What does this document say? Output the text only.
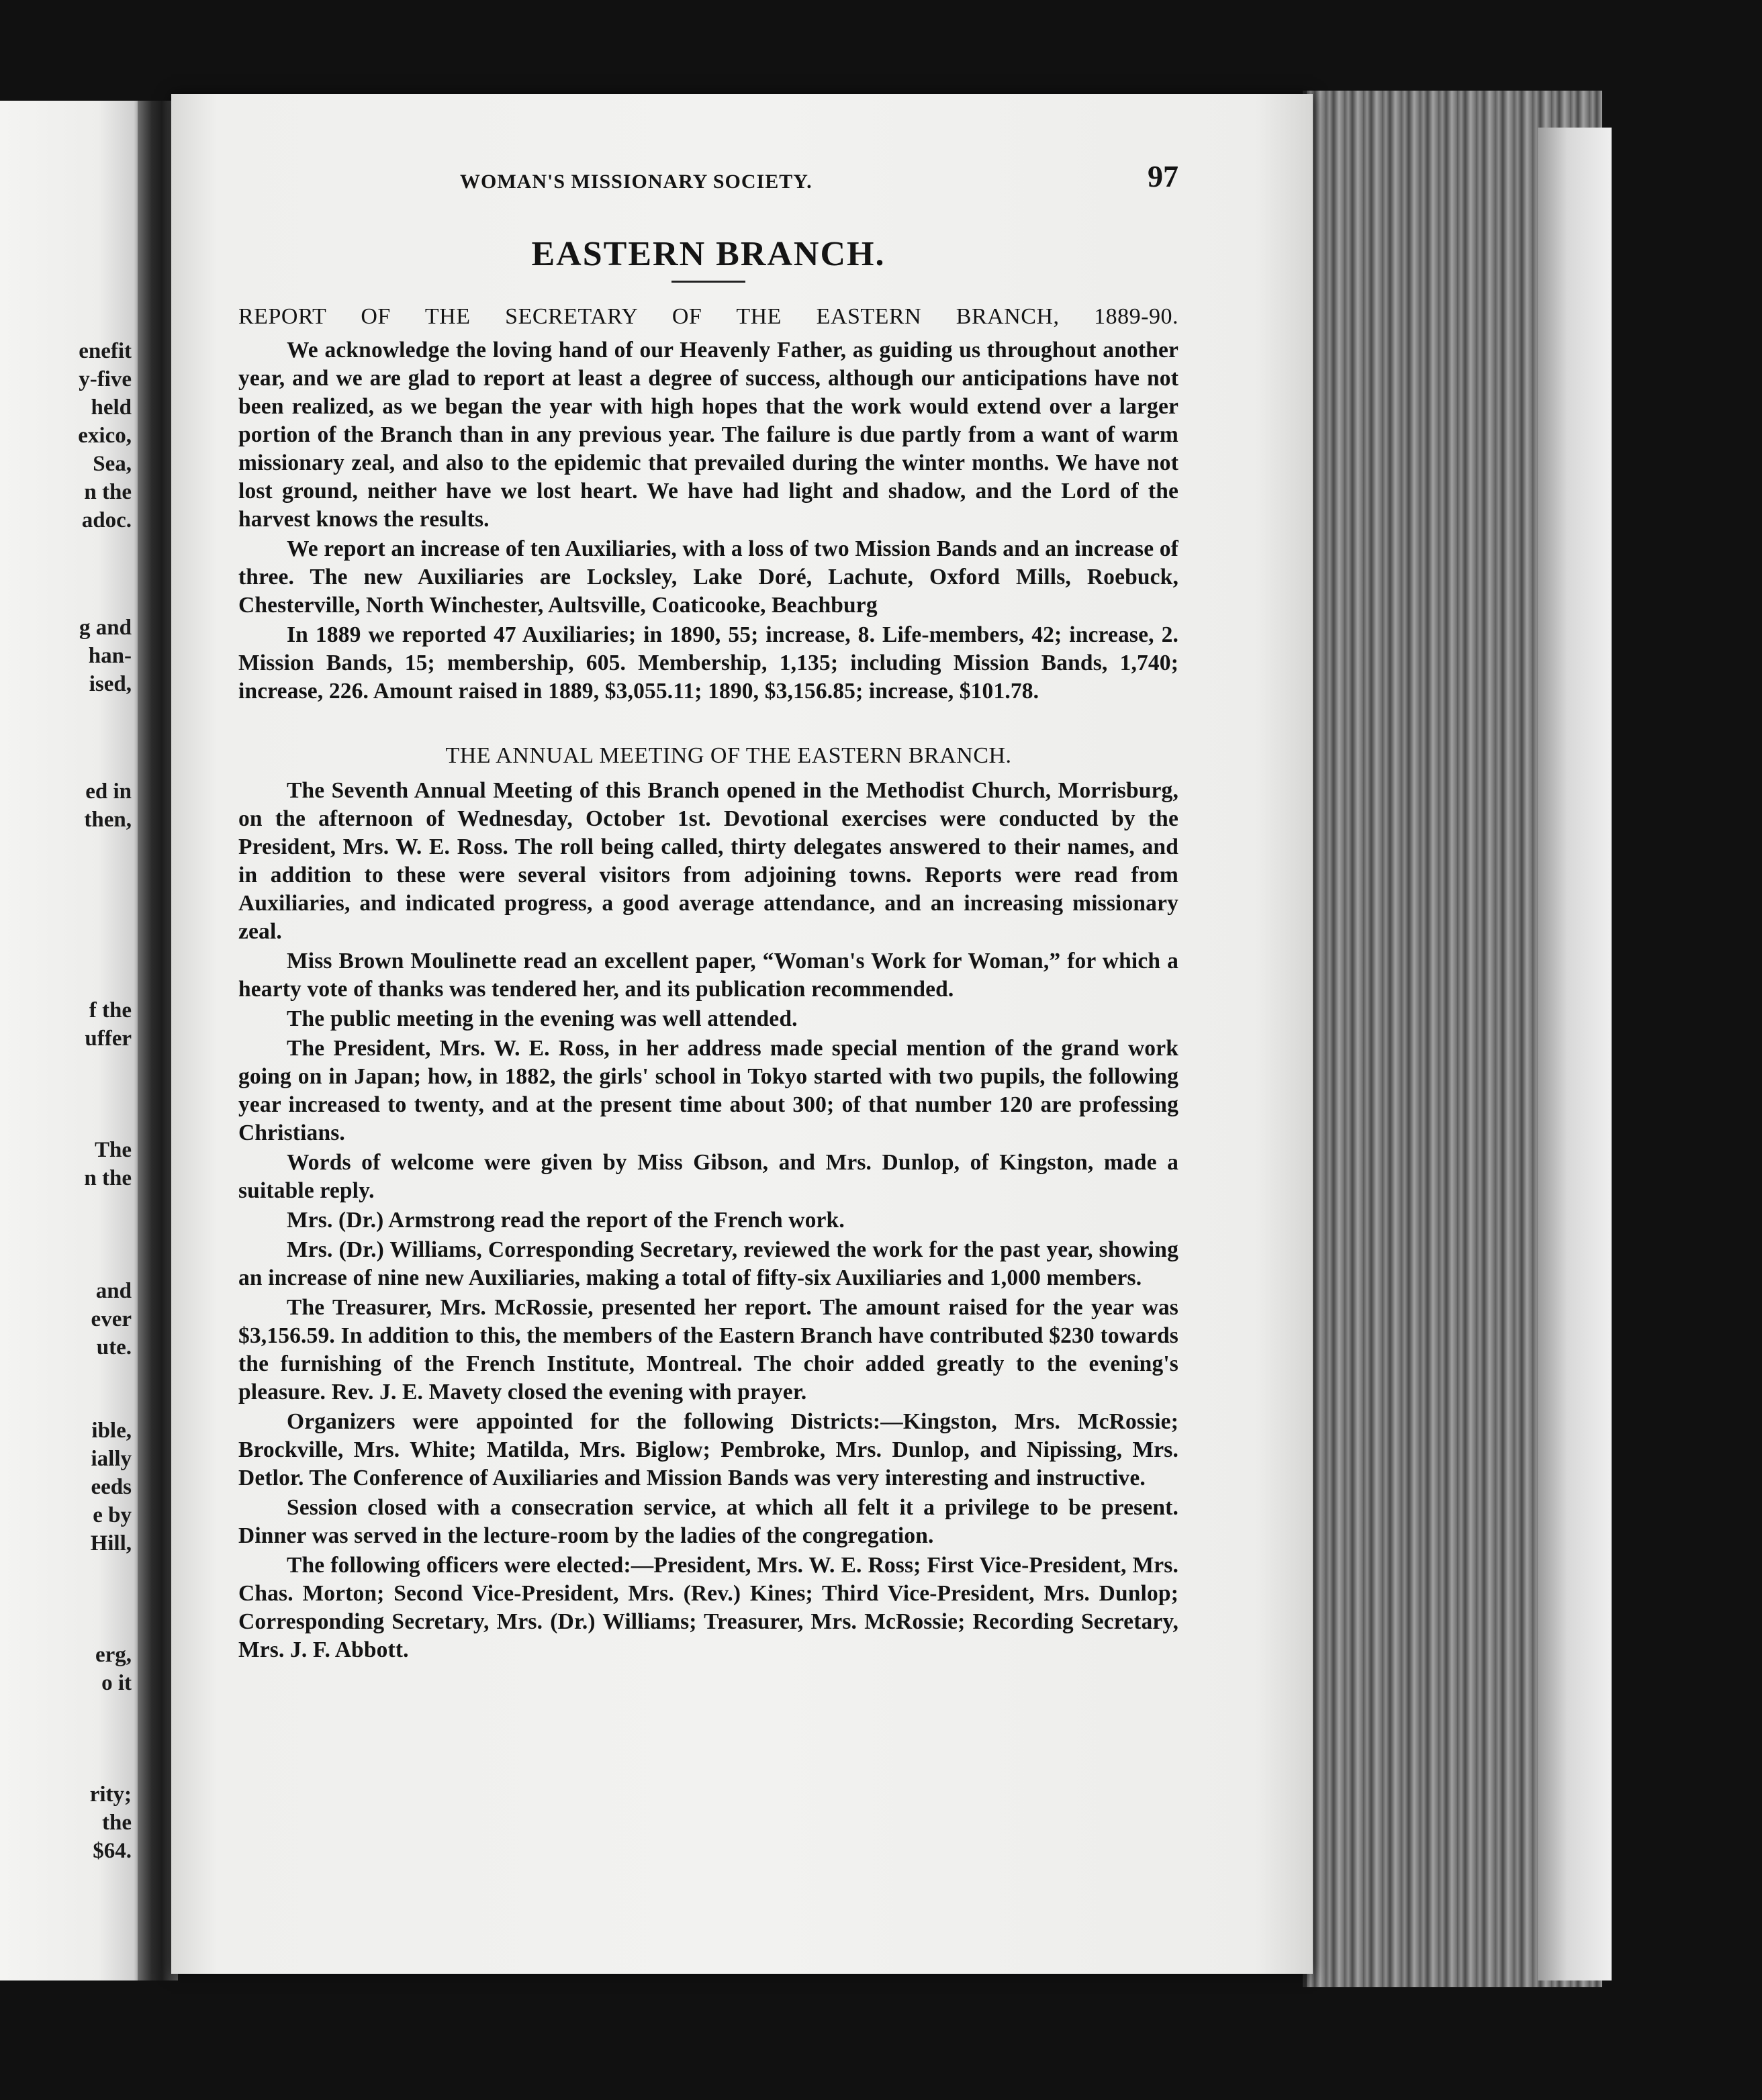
enefit
y-five
held
exico,
Sea,
n the
adoc.
g and
han-
ised,
ed in
then,
f the
uffer
The
n the
and
ever
ute.
ible,
ially
eeds
e by
Hill,
erg,
o it
rity;
the
$64.
WOMAN'S MISSIONARY SOCIETY.	97
EASTERN BRANCH.
REPORT OF THE SECRETARY OF THE EASTERN BRANCH, 1889-90.

We acknowledge the loving hand of our Heavenly Father, as guiding us throughout another year, and we are glad to report at least a degree of success, although our anticipations have not been realized, as we began the year with high hopes that the work would extend over a larger portion of the Branch than in any previous year. The failure is due partly from a want of warm missionary zeal, and also to the epidemic that prevailed during the winter months. We have not lost ground, neither have we lost heart. We have had light and shadow, and the Lord of the harvest knows the results.

We report an increase of ten Auxiliaries, with a loss of two Mission Bands and an increase of three. The new Auxiliaries are Locksley, Lake Doré, Lachute, Oxford Mills, Roebuck, Chesterville, North Winchester, Aultsville, Coaticooke, Beachburg

In 1889 we reported 47 Auxiliaries; in 1890, 55; increase, 8. Life-members, 42; increase, 2. Mission Bands, 15; membership, 605. Membership, 1,135; including Mission Bands, 1,740; increase, 226. Amount raised in 1889, $3,055.11; 1890, $3,156.85; increase, $101.78.

THE ANNUAL MEETING OF THE EASTERN BRANCH.

The Seventh Annual Meeting of this Branch opened in the Methodist Church, Morrisburg, on the afternoon of Wednesday, October 1st. Devotional exercises were conducted by the President, Mrs. W. E. Ross. The roll being called, thirty delegates answered to their names, and in addition to these were several visitors from adjoining towns. Reports were read from Auxiliaries, and indicated progress, a good average attendance, and an increasing missionary zeal.

Miss Brown Moulinette read an excellent paper, “Woman's Work for Woman,” for which a hearty vote of thanks was tendered her, and its publication recommended.

The public meeting in the evening was well attended.

The President, Mrs. W. E. Ross, in her address made special mention of the grand work going on in Japan; how, in 1882, the girls' school in Tokyo started with two pupils, the following year increased to twenty, and at the present time about 300; of that number 120 are professing Christians.

Words of welcome were given by Miss Gibson, and Mrs. Dunlop, of Kingston, made a suitable reply.

Mrs. (Dr.) Armstrong read the report of the French work.

Mrs. (Dr.) Williams, Corresponding Secretary, reviewed the work for the past year, showing an increase of nine new Auxiliaries, making a total of fifty-six Auxiliaries and 1,000 members.

The Treasurer, Mrs. McRossie, presented her report. The amount raised for the year was $3,156.59. In addition to this, the members of the Eastern Branch have contributed $230 towards the furnishing of the French Institute, Montreal. The choir added greatly to the evening's pleasure. Rev. J. E. Mavety closed the evening with prayer.

Organizers were appointed for the following Districts:—Kingston, Mrs. McRossie; Brockville, Mrs. White; Matilda, Mrs. Biglow; Pembroke, Mrs. Dunlop, and Nipissing, Mrs. Detlor. The Conference of Auxiliaries and Mission Bands was very interesting and instructive.

Session closed with a consecration service, at which all felt it a privilege to be present. Dinner was served in the lecture-room by the ladies of the congregation.

The following officers were elected:—President, Mrs. W. E. Ross; First Vice-President, Mrs. Chas. Morton; Second Vice-President, Mrs. (Rev.) Kines; Third Vice-President, Mrs. Dunlop; Corresponding Secretary, Mrs. (Dr.) Williams; Treasurer, Mrs. McRossie; Recording Secretary, Mrs. J. F. Abbott.
